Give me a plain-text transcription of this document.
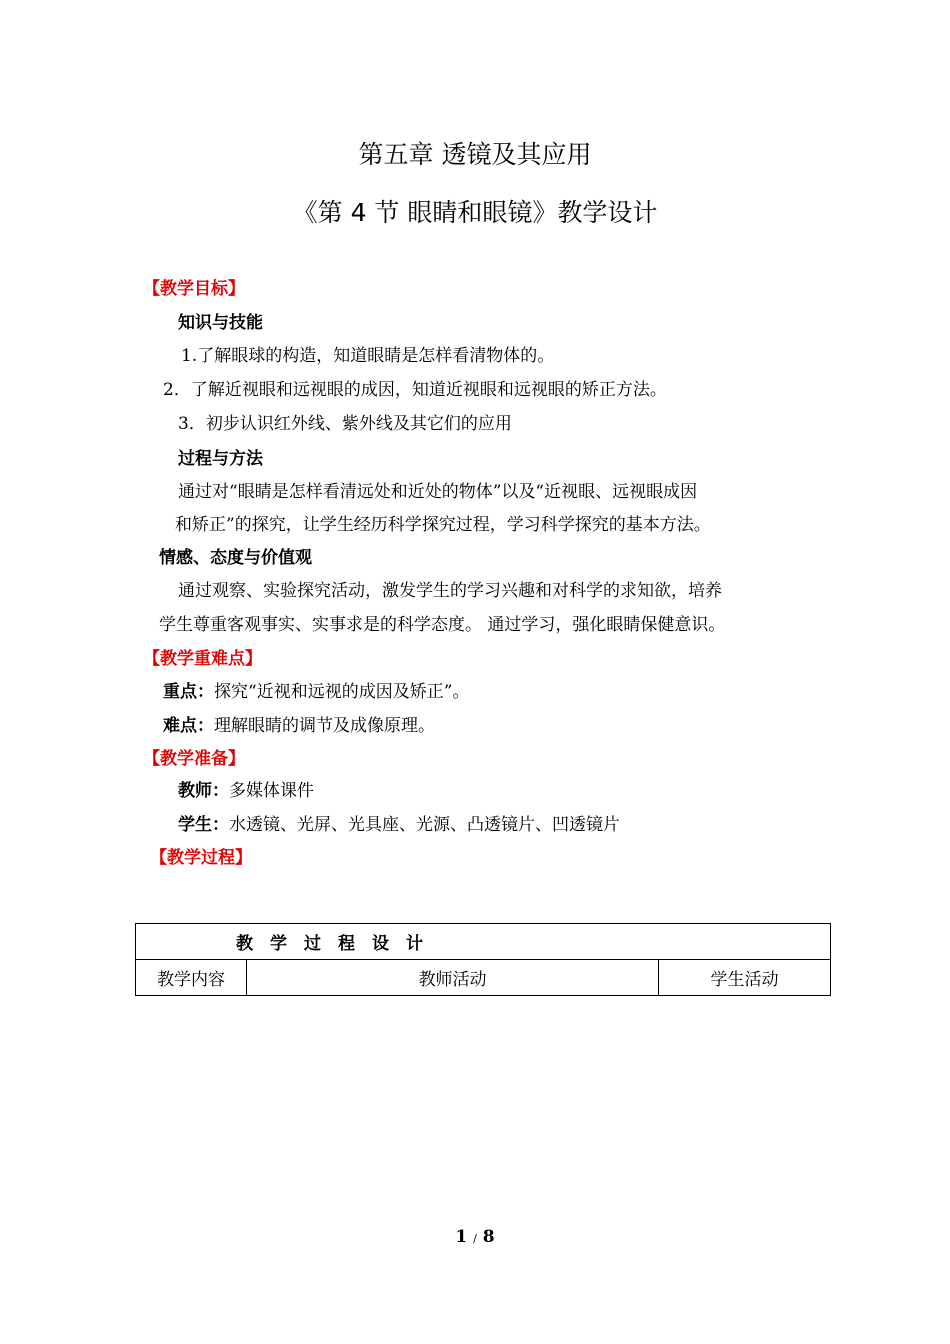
第五章 透镜及其应用
《第 4 节 眼睛和眼镜》教学设计
【教学目标】
知识与技能
1.了解眼球的构造，知道眼睛是怎样看清物体的。
2．了解近视眼和远视眼的成因，知道近视眼和远视眼的矫正方法。
3．初步认识红外线、紫外线及其它们的应用
过程与方法
通过对“眼睛是怎样看清远处和近处的物体”以及“近视眼、远视眼成因
和矫正”的探究，让学生经历科学探究过程，学习科学探究的基本方法。
情感、态度与价值观
通过观察、实验探究活动，激发学生的学习兴趣和对科学的求知欲，培养
学生尊重客观事实、实事求是的科学态度。 通过学习，强化眼睛保健意识。
【教学重难点】
重点：探究“近视和远视的成因及矫正”。
难点：理解眼睛的调节及成像原理。
【教学准备】
教师：多媒体课件
学生：水透镜、光屏、光具座、光源、凸透镜片、凹透镜片
【教学过程】
教学过程设计
教学内容	教师活动	学生活动
1 / 8
